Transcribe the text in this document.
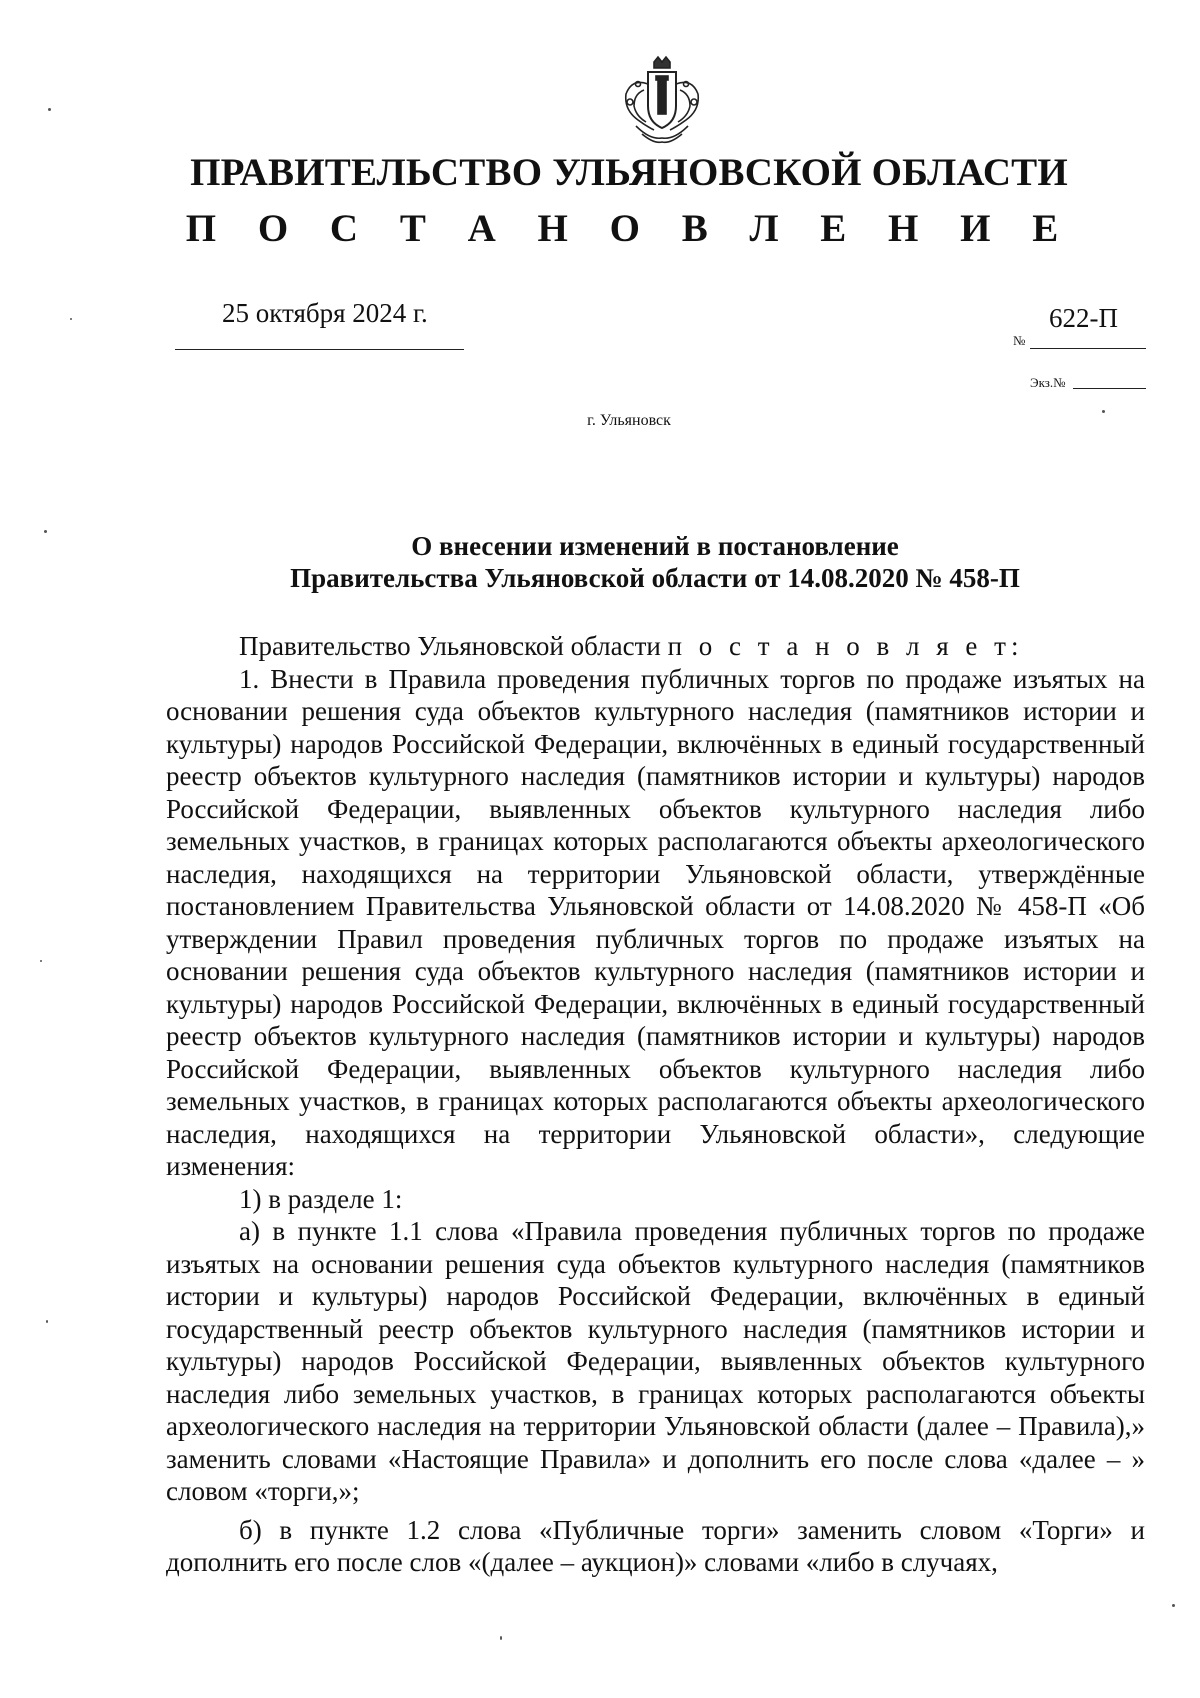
ПРАВИТЕЛЬСТВО УЛЬЯНОВСКОЙ ОБЛАСТИ
П О С Т А Н О В Л Е Н И Е
25 октября 2024 г.
№
622-П
Экз.№
г. Ульяновск
О внесении изменений в постановление
Правительства Ульяновской области от 14.08.2020 № 458-П

Правительство Ульяновской области п о с т а н о в л я е т:

1. Внести в Правила проведения публичных торгов по продаже изъятых на основании решения суда объектов культурного наследия (памятников истории и культуры) народов Российской Федерации, включённых в единый государственный реестр объектов культурного наследия (памятников истории и культуры) народов Российской Федерации, выявленных объектов культурного наследия либо земельных участков, в границах которых располагаются объекты археологического наследия, находящихся на территории Ульяновской области, утверждённые постановлением Правительства Ульяновской области от 14.08.2020 № 458-П «Об утверждении Правил проведения публичных торгов по продаже изъятых на основании решения суда объектов культурного наследия (памятников истории и культуры) народов Российской Федерации, включённых в единый государственный реестр объектов культурного наследия (памятников истории и культуры) народов Российской Федерации, выявленных объектов культурного наследия либо земельных участков, в границах которых располагаются объекты археологического наследия, находящихся на территории Ульяновской области», следующие изменения:

1) в разделе 1:

а) в пункте 1.1 слова «Правила проведения публичных торгов по продаже изъятых на основании решения суда объектов культурного наследия (памятников истории и культуры) народов Российской Федерации, включённых в единый государственный реестр объектов культурного наследия (памятников истории и культуры) народов Российской Федерации, выявленных объектов культурного наследия либо земельных участков, в границах которых располагаются объекты археологического наследия на территории Ульяновской области (далее – Правила),» заменить словами «Настоящие Правила» и дополнить его после слова «далее – » словом «торги,»;

б) в пункте 1.2 слова «Публичные торги» заменить словом «Торги» и дополнить его после слов «(далее – аукцион)» словами «либо в случаях,
